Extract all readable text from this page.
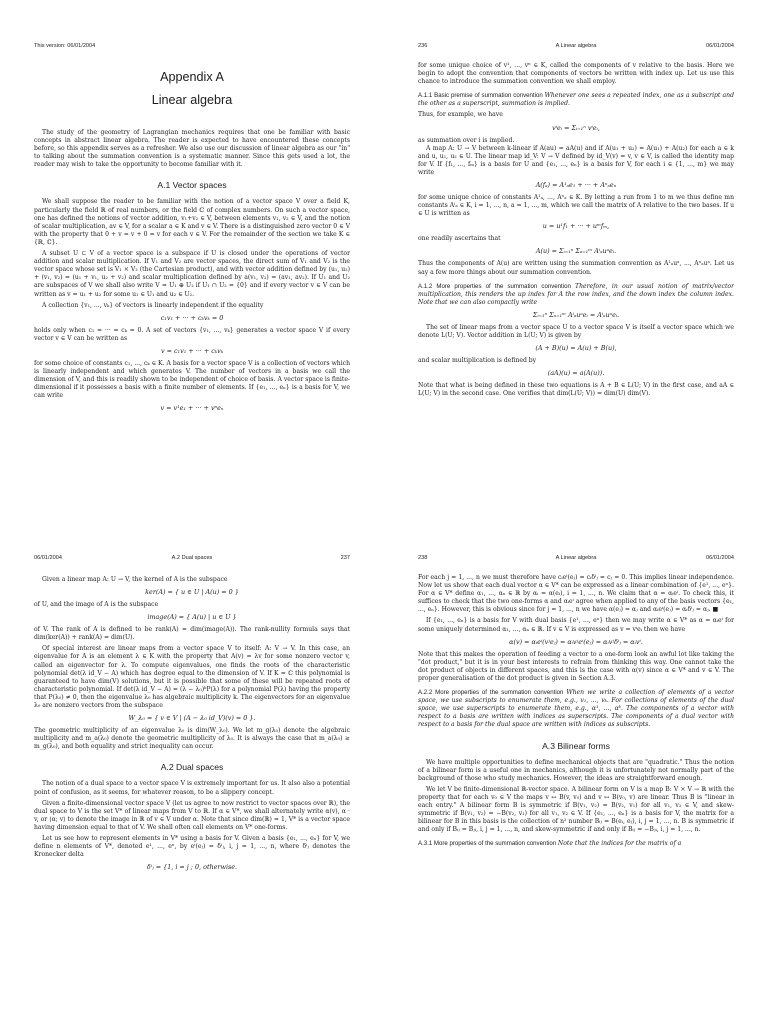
This version: 06/01/2004
Appendix A
Linear algebra

The study of the geometry of Lagrangian mechanics requires that one be familiar with basic concepts in abstract linear algebra. The reader is expected to have encountered these concepts before, so this appendix serves as a refresher. We also use our discussion of linear algebra as our "in" to talking about the summation convention is a systematic manner. Since this gets used a lot, the reader may wish to take the opportunity to become familiar with it.

A.1 Vector spaces

We shall suppose the reader to be familiar with the notion of a vector space V over a field K, particularly the field ℝ of real numbers, or the field ℂ of complex numbers. On such a vector space, one has defined the notions of vector addition, v₁+v₂ ∈ V, between elements v₁, v₂ ∈ V, and the notion of scalar multiplication, av ∈ V, for a scalar a ∈ K and v ∈ V. There is a distinguished zero vector 0 ∈ V with the property that 0 + v = v + 0 = v for each v ∈ V. For the remainder of the section we take K ∈ {ℝ, ℂ}.

A subset U ⊂ V of a vector space is a subspace if U is closed under the operations of vector addition and scalar multiplication. If V₁ and V₂ are vector spaces, the direct sum of V₁ and V₂ is the vector space whose set is V₁ × V₂ (the Cartesian product), and with vector addition defined by (u₁, u₂) + (v₁, v₂) = (u₁ + v₁, u₂ + v₂) and scalar multiplication defined by a(v₁, v₂) = (av₁, av₂). If U₁ and U₂ are subspaces of V we shall also write V = U₁ ⊕ U₂ if U₁ ∩ U₂ = {0} and if every vector v ∈ V can be written as v = u₁ + u₂ for some u₁ ∈ U₁ and u₂ ∈ U₂.

A collection {v₁, ..., vₖ} of vectors is linearly independent if the equality

c₁v₁ + ··· + cₖvₖ = 0

holds only when c₁ = ··· = cₖ = 0. A set of vectors {v₁, ..., vₖ} generates a vector space V if every vector v ∈ V can be written as

v = c₁v₁ + ··· + cₖvₖ

for some choice of constants c₁, ..., cₖ ∈ K. A basis for a vector space V is a collection of vectors which is linearly independent and which generates V. The number of vectors in a basis we call the dimension of V, and this is readily shown to be independent of choice of basis. A vector space is finite-dimensional if it possesses a basis with a finite number of elements. If {e₁, ..., eₙ} is a basis for V, we can write

v = v¹e₁ + ··· + vⁿeₙ
236	A Linear algebra	06/01/2004

for some unique choice of v¹, ..., vⁿ ∈ K, called the components of v relative to the basis. Here we begin to adopt the convention that components of vectors be written with index up. Let us use this chance to introduce the summation convention we shall employ.

A.1.1 Basic premise of summation convention Whenever one sees a repeated index, one as a subscript and the other as a superscript, summation is implied.

Thus, for example, we have

vⁱeᵢ = Σᵢ₌₁ⁿ vⁱeᵢ,

as summation over i is implied.

A map A: U → V between k-linear if A(au) = aA(u) and if A(u₁ + u₂) = A(u₁) + A(u₂) for each a ∈ k and u, u₁, u₂ ∈ U. The linear map id_V: V → V defined by id_V(v) = v, v ∈ V, is called the identity map for V. If {f₁, ..., fₘ} is a basis for U and {e₁, ..., eₙ} is a basis for V, for each i ∈ {1, ..., m} we may write

A(fₐ) = A¹ₐe₁ + ··· + Aⁿₐeₙ

for some unique choice of constants A¹ₐ, ..., Aⁿₐ ∈ K. By letting a run from 1 to m we thus define mn constants Aⁱₐ ∈ K, i = 1, ..., n, a = 1, ..., m, which we call the matrix of A relative to the two bases. If u ∈ U is written as

u = u¹f₁ + ··· + uᵐfₘ,

one readily ascertains that

A(u) = Σᵢ₌₁ⁿ Σₐ₌₁ᵐ Aⁱₐuᵃeᵢ.

Thus the components of A(u) are written using the summation convention as A¹ₐuᵃ, ..., Aⁿₐuᵃ. Let us say a few more things about our summation convention.

A.1.2 More properties of the summation convention Therefore, in our usual notion of matrix/vector multiplication, this renders the up index for A the row index, and the down index the column index. Note that we can also compactly write
Σᵢ₌₁ⁿ Σₐ₌₁ᵐ Aⁱₐuᵃeᵢ = Aⁱₐuᵃeᵢ.

The set of linear maps from a vector space U to a vector space V is itself a vector space which we denote L(U; V). Vector addition in L(U; V) is given by

(A + B)(u) = A(u) + B(u),

and scalar multiplication is defined by

(aA)(u) = a(A(u)).

Note that what is being defined in these two equations is A + B ∈ L(U; V) in the first case, and aA ∈ L(U; V) in the second case. One verifies that dim(L(U; V)) = dim(U) dim(V).

06/01/2004	A.2 Dual spaces	237

Given a linear map A: U → V, the kernel of A is the subspace

ker(A) = { u ∈ U | A(u) = 0 }

of U, and the image of A is the subspace

image(A) = { A(u) | u ∈ U }

of V. The rank of A is defined to be rank(A) = dim(image(A)). The rank-nullity formula says that dim(ker(A)) + rank(A) = dim(U).

Of special interest are linear maps from a vector space V to itself: A: V → V. In this case, an eigenvalue for A is an element λ ∈ K with the property that A(v) = λv for some nonzero vector v, called an eigenvector for λ. To compute eigenvalues, one finds the roots of the characteristic polynomial det(λ id_V − A) which has degree equal to the dimension of V. If K = ℂ this polynomial is guaranteed to have dim(V) solutions, but it is possible that some of these will be repeated roots of characteristic polynomial. If det(λ id_V − A) = (λ − λ₀)ᵏP(λ) for a polynomial P(λ) having the property that P(λ₀) ≠ 0, then the eigenvalue λ₀ has algebraic multiplicity k. The eigenvectors for an eigenvalue λ₀ are nonzero vectors from the subspace

W_λ₀ = { v ∈ V | (A − λ₀ id_V)(v) = 0 }.

The geometric multiplicity of an eigenvalue λ₀ is dim(W_λ₀). We let m_g(λ₀) denote the algebraic multiplicity and m_a(λ₀) denote the geometric multiplicity of λ₀. It is always the case that m_a(λ₀) ≥ m_g(λ₀), and both equality and strict inequality can occur.

A.2 Dual spaces

The notion of a dual space to a vector space V is extremely important for us. It also also a potential point of confusion, as it seems, for whatever reason, to be a slippery concept.

Given a finite-dimensional vector space V (let us agree to now restrict to vector spaces over ℝ), the dual space to V is the set V* of linear maps from V to ℝ. If α ∈ V*, we shall alternately write α(v), α · v, or ⟨α; v⟩ to denote the image in ℝ of v ∈ V under α. Note that since dim(ℝ) = 1, V* is a vector space having dimension equal to that of V. We shall often call elements on V* one-forms.

Let us see how to represent elements in V* using a basis for V. Given a basis {e₁, ..., eₙ} for V, we define n elements of V*, denoted e¹, ..., eⁿ, by eⁱ(eⱼ) = δⁱⱼ, i, j = 1, ..., n, where δⁱⱼ denotes the Kronecker delta

δⁱⱼ = {1, i = j ; 0, otherwise.
238	A Linear algebra	06/01/2004

For each j = 1, ..., n we must therefore have cᵢeⁱ(eⱼ) = cᵢδⁱⱼ = cⱼ = 0. This implies linear independence. Now let us show that each dual vector α ∈ V* can be expressed as a linear combination of {e¹, ..., eⁿ}. For α ∈ V* define α₁, ..., αₙ ∈ ℝ by αᵢ = α(eᵢ), i = 1, ..., n. We claim that α = αᵢeⁱ. To check this, it suffices to check that the two one-forms α and αᵢeⁱ agree when applied to any of the basis vectors {e₁, ..., eₙ}. However, this is obvious since for j = 1, ..., n we have α(eⱼ) = αⱼ and αᵢeⁱ(eⱼ) = αᵢδⁱⱼ = αⱼ. ■

If {e₁, ..., eₙ} is a basis for V with dual basis {e¹, ..., eⁿ} then we may write α ∈ V* as α = αᵢeⁱ for some uniquely determined α₁, ..., αₙ ∈ ℝ. If v ∈ V is expressed as v = vⁱeᵢ then we have

α(v) = αᵢeⁱ(vʲeⱼ) = αᵢvʲeⁱ(eⱼ) = αᵢvʲδⁱⱼ = αᵢvⁱ.

Note that this makes the operation of feeding a vector to a one-form look an awful lot like taking the "dot product," but it is in your best interests to refrain from thinking this way. One cannot take the dot product of objects in different spaces, and this is the case with α(v) since α ∈ V* and v ∈ V. The proper generalisation of the dot product is given in Section A.3.

A.2.2 More properties of the summation convention When we write a collection of elements of a vector space, we use subscripts to enumerate them, e.g., v₁, ..., vₖ. For collections of elements of the dual space, we use superscripts to enumerate them, e.g., α¹, ..., αᵏ. The components of a vector with respect to a basis are written with indices as superscripts. The components of a dual vector with respect to a basis for the dual space are written with indices as subscripts.
A.3 Bilinear forms

We have multiple opportunities to define mechanical objects that are "quadratic." Thus the notion of a bilinear form is a useful one in mechanics, although it is unfortunately not normally part of the background of those who study mechanics. However, the ideas are straightforward enough.

We let V be finite-dimensional ℝ-vector space. A bilinear form on V is a map B: V × V → ℝ with the property that for each v₀ ∈ V the maps v ↦ B(v, v₀) and v ↦ B(v₀, v) are linear. Thus B is "linear in each entry." A bilinear form B is symmetric if B(v₁, v₂) = B(v₂, v₁) for all v₁, v₂ ∈ V, and skew-symmetric if B(v₁, v₂) = −B(v₂, v₁) for all v₁, v₂ ∈ V. If {e₁, ..., eₙ} is a basis for V, the matrix for a bilinear for B in this basis is the collection of n² number Bᵢⱼ = B(eᵢ, eⱼ), i, j = 1, ..., n. B is symmetric if and only if Bᵢⱼ = Bⱼᵢ, i, j = 1, ..., n, and skew-symmetric if and only if Bᵢⱼ = −Bⱼᵢ, i, j = 1, ..., n.

A.3.1 More properties of the summation convention Note that the indices for the matrix of a
